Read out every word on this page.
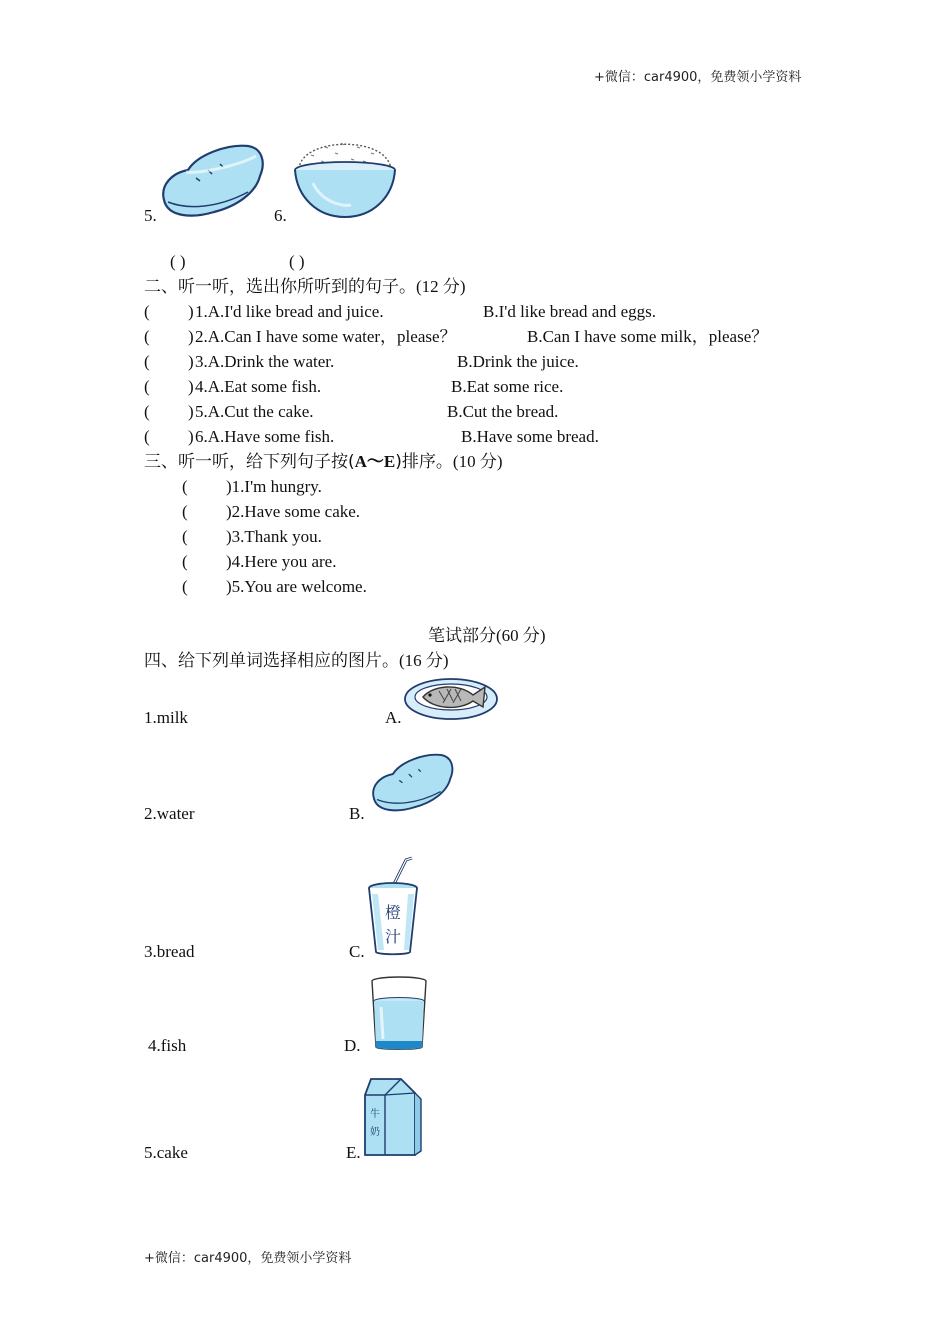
+微信：car4900，免费领小学资料
5.	6.
( )	( )
二、听一听，选出你所听到的句子。(12 分)
( ) 1.A.I'd like bread and juice.	B.I'd like bread and eggs.
( ) 2.A.Can I have some water，please？	B.Can I have some milk，please？
( ) 3.A.Drink the water.	B.Drink the juice.
( ) 4.A.Eat some fish.	B.Eat some rice.
( ) 5.A.Cut the cake.	B.Cut the bread.
( ) 6.A.Have some fish.	B.Have some bread.
三、听一听，给下列句子按(A～E)排序。(10 分)
( )1.I'm hungry.
( )2.Have some cake.
( )3.Thank you.
( )4.Here you are.
( )5.You are welcome.
笔试部分(60 分)
四、给下列单词选择相应的图片。(16 分)
1.milk	A.
2.water	B.
3.bread	C.
橙
汁
4.fish	D.
5.cake	E.
牛
奶
+微信：car4900，免费领小学资料
